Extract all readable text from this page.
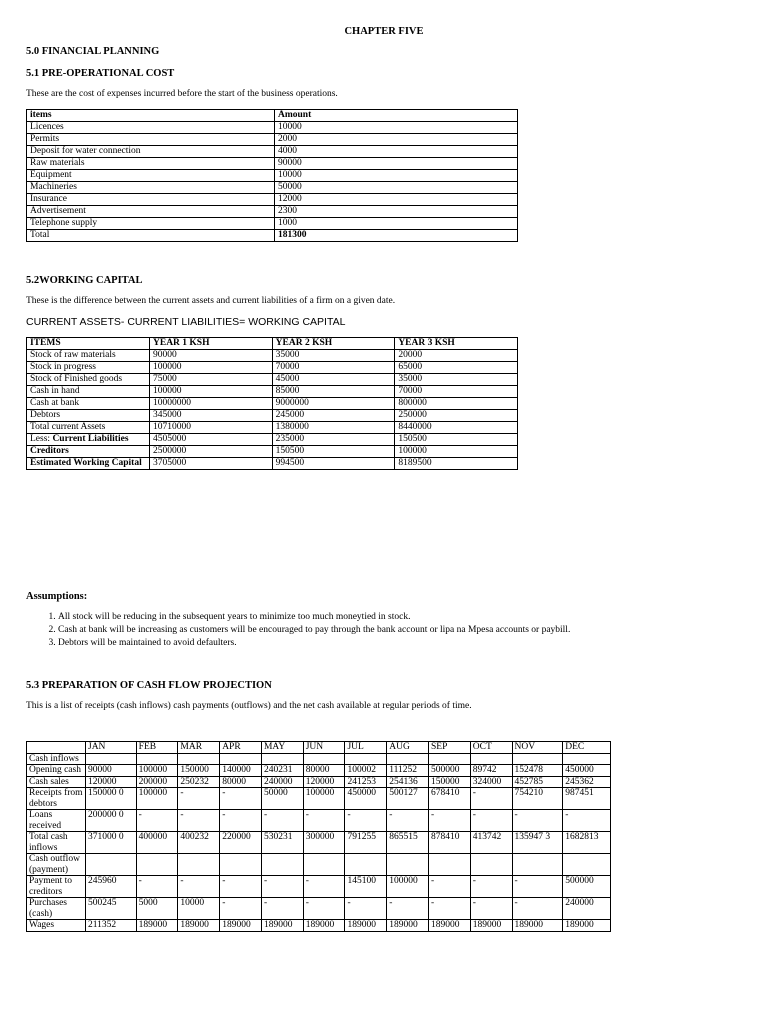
CHAPTER FIVE
5.0 FINANCIAL PLANNING
5.1 PRE-OPERATIONAL COST
These are the cost of expenses incurred before the start of the business operations.
items	Amount
Licences	10000
Permits	2000
Deposit for water connection	4000
Raw materials	90000
Equipment	10000
Machineries	50000
Insurance	12000
Advertisement	2300
Telephone supply	1000
Total	181300
5.2WORKING CAPITAL
These is the difference between the current assets and current liabilities of a firm on a given date.
CURRENT ASSETS- CURRENT LIABILITIES= WORKING CAPITAL
ITEMS	YEAR 1 KSH	YEAR 2 KSH	YEAR 3 KSH
Stock of raw materials	90000	35000	20000
Stock in progress	100000	70000	65000
Stock of Finished goods	75000	45000	35000
Cash in hand	100000	85000	70000
Cash at bank	10000000	9000000	800000
Debtors	345000	245000	250000
Total current Assets	10710000	1380000	8440000
Less: Current Liabilities	4505000	235000	150500
Creditors	2500000	150500	100000
Estimated Working Capital	3705000	994500	8189500
Assumptions:
1. All stock will be reducing in the subsequent years to minimize too much moneytied in stock.
2. Cash at bank will be increasing as customers will be encouraged to pay through the bank account or lipa na Mpesa accounts or paybill.
3. Debtors will be maintained to avoid defaulters.
5.3 PREPARATION OF CASH FLOW PROJECTION
This is a list of receipts (cash inflows) cash payments (outflows) and the net cash available at regular periods of time.
	JAN	FEB	MAR	APR	MAY	JUN	JUL	AUG	SEP	OCT	NOV	DEC
Cash inflows												
Opening cash	90000	100000	150000	140000	240231	80000	100002	111252	500000	89742	152478	450000
Cash sales	120000	200000	250232	80000	240000	120000	241253	254136	150000	324000	452785	245362
Receipts from debtors	150000 0	100000	-	-	50000	100000	450000	500127	678410	-	754210	987451
Loans received	200000 0	-	-	-	-	-	-	-	-	-	-	-
Total cash inflows	371000 0	400000	400232	220000	530231	300000	791255	865515	878410	413742	135947 3	1682813
Cash outflow (payment)												
Payment to creditors	245960	-	-	-	-	-	145100	100000	-	-	-	500000
Purchases (cash)	500245	5000	10000	-	-	-	-	-	-	-	-	240000
Wages	211352	189000	189000	189000	189000	189000	189000	189000	189000	189000	189000	189000
